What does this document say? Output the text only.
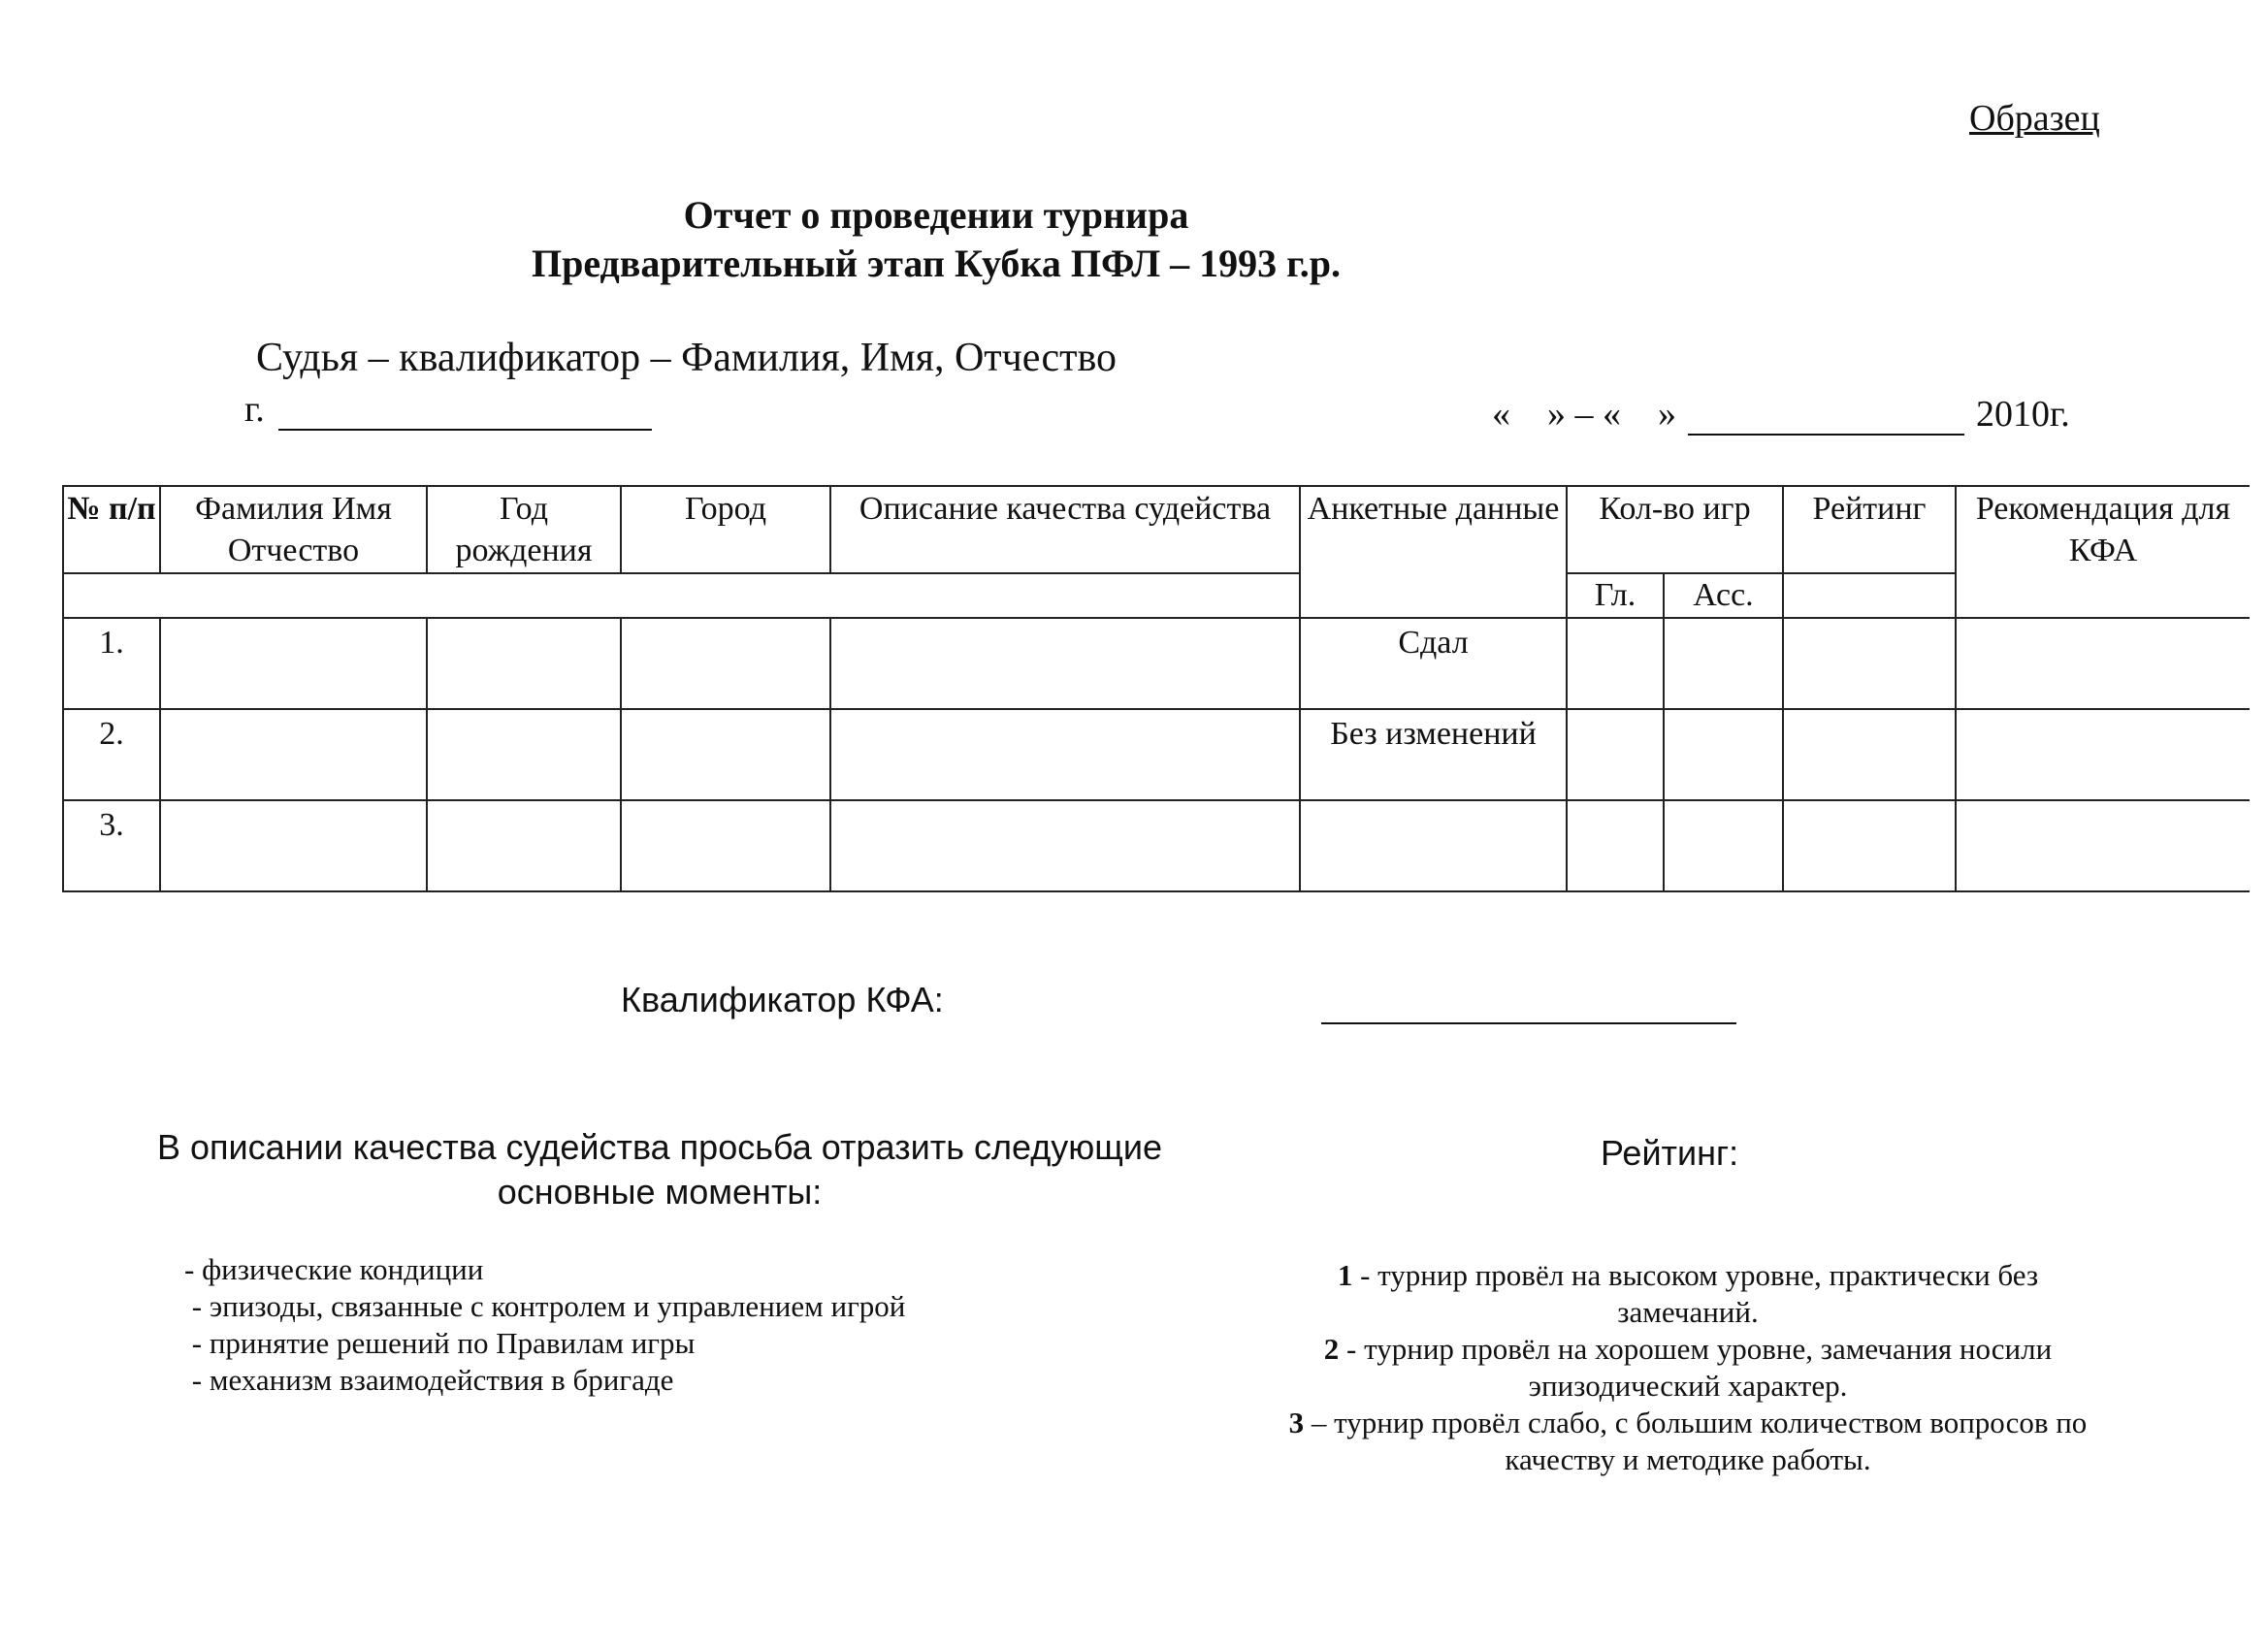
Образец
Отчет о проведении турнира
Предварительный этап Кубка ПФЛ – 1993 г.р.
Судья – квалификатор – Фамилия, Имя, Отчество
г.	«    » – «    »	2010г.
№ п/п	Фамилия Имя Отчество	Год рождения	Город	Описание качества судейства	Анкетные данные	Кол-во игр		Рейтинг	Рекомендация для КФА
						Гл.	Асс.		
1.					Сдал				
2.					Без изменений				
3.									
Квалификатор КФА:
В описании качества судейства просьба отразить следующие основные моменты:
- физические кондиции
- эпизоды, связанные с контролем и управлением игрой
- принятие решений по Правилам игры
- механизм взаимодействия в бригаде
Рейтинг:
1 - турнир провёл на высоком уровне, практически без замечаний.
2 - турнир провёл на хорошем уровне, замечания носили эпизодический характер.
3 – турнир провёл слабо, с большим количеством вопросов по качеству и методике работы.
